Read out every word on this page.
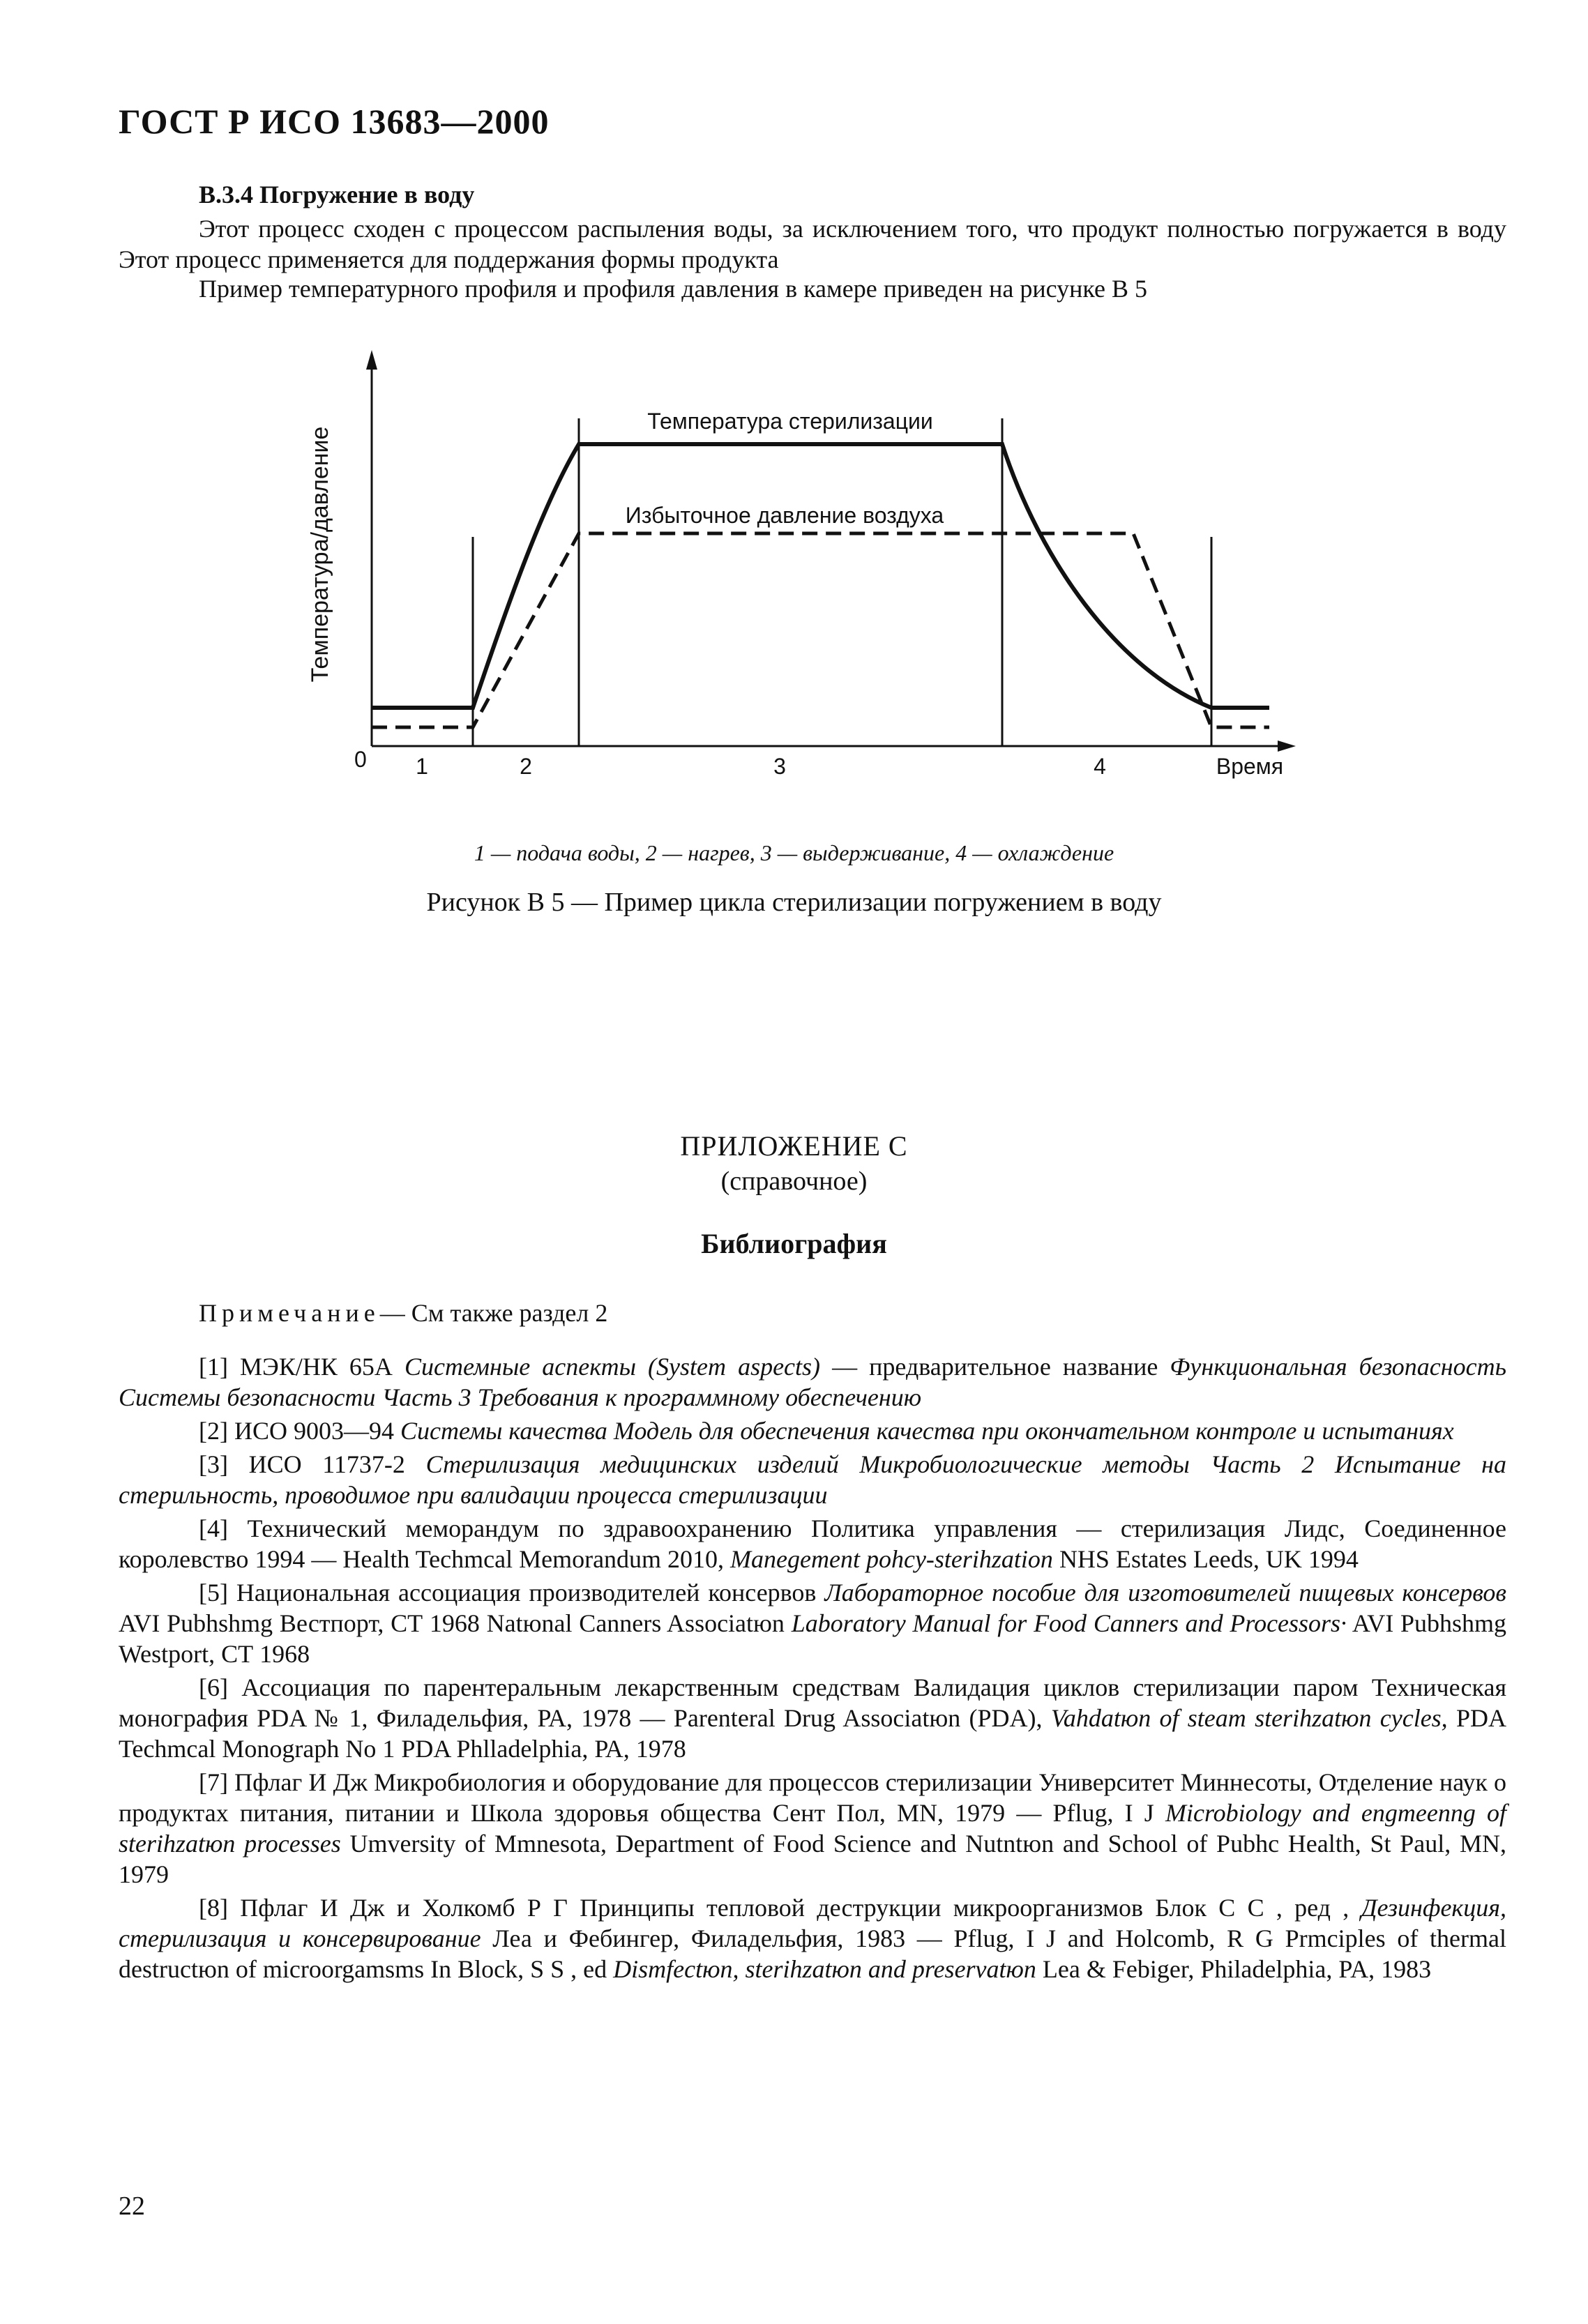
ГОСТ Р ИСО 13683—2000
В.3.4 Погружение в воду
Этот процесс сходен с процессом распыления воды, за исключением того, что продукт полностью погружается в воду Этот процесс применяется для поддержания формы продукта
Пример температурного профиля и профиля давления в камере приведен на рисунке В 5
Температура/давление
0	Время
1	2	3	4
Температура стерилизации
Избыточное давление воздуха
1 — подача воды, 2 — нагрев, 3 — выдерживание, 4 — охлаждение
Рисунок В 5 — Пример цикла стерилизации погружением в воду
ПРИЛОЖЕНИЕ С
(справочное)
Библиография
Примечание— См также раздел 2

[1] МЭК/НК 65А Системные аспекты (System aspects) — предварительное название Функциональная безопасность Системы безопасности Часть 3 Требования к программному обеспечению

[2] ИСО 9003—94 Системы качества Модель для обеспечения качества при окончательном контроле и испытаниях

[3] ИСО 11737-2 Стерилизация медицинских изделий Микробиологические методы Часть 2 Испытание на стерильность, проводимое при валидации процесса стерилизации

[4] Технический меморандум по здравоохранению Политика управления — стерилизация Лидс, Соединенное королевство 1994 — Health Techmcal Memorandum 2010, Manegement pohcy-sterihzation NHS Estates Leeds, UK 1994

[5] Национальная ассоциация производителей консервов Лабораторное пособие для изготовителей пищевых консервов AVI Pubhshmg Вестпорт, СТ 1968 Natюnal Canners Associatюn Laboratory Manual for Food Canners and Processors· AVI Pubhshmg Westport, СТ 1968

[6] Ассоциация по парентеральным лекарственным средствам Валидация циклов стерилизации паром Техническая монография PDA № 1, Филадельфия, РА, 1978 — Parenteral Drug Associatюn (PDA), Vahdatюn of steam sterihzatюn cycles, PDA Techmcal Monograph No 1 PDA Phlladelphia, РА, 1978

[7] Пфлаг И Дж Микробиология и оборудование для процессов стерилизации Университет Миннесоты, Отделение наук о продуктах питания, питании и Школа здоровья общества Сент Пол, MN, 1979 — Pflug, I J Microbiology and engmeenng of sterihzatюn processes Umversity of Mmnesota, Department of Food Science and Nutntюn and School of Pubhc Health, St Paul, MN, 1979

[8] Пфлаг И Дж и Холкомб Р Г Принципы тепловой деструкции микроорганизмов Блок С С , ред , Дезинфекция, стерилизация и консервирование Леа и Фебингер, Филадельфия, 1983 — Pflug, I J and Holcomb, R G Prmciples of thermal destructюn of microorgamsms In Block, S S , ed Dismfectюn, sterihzatюn and preservatюn Lea & Febiger, Philadelphia, PA, 1983

22
